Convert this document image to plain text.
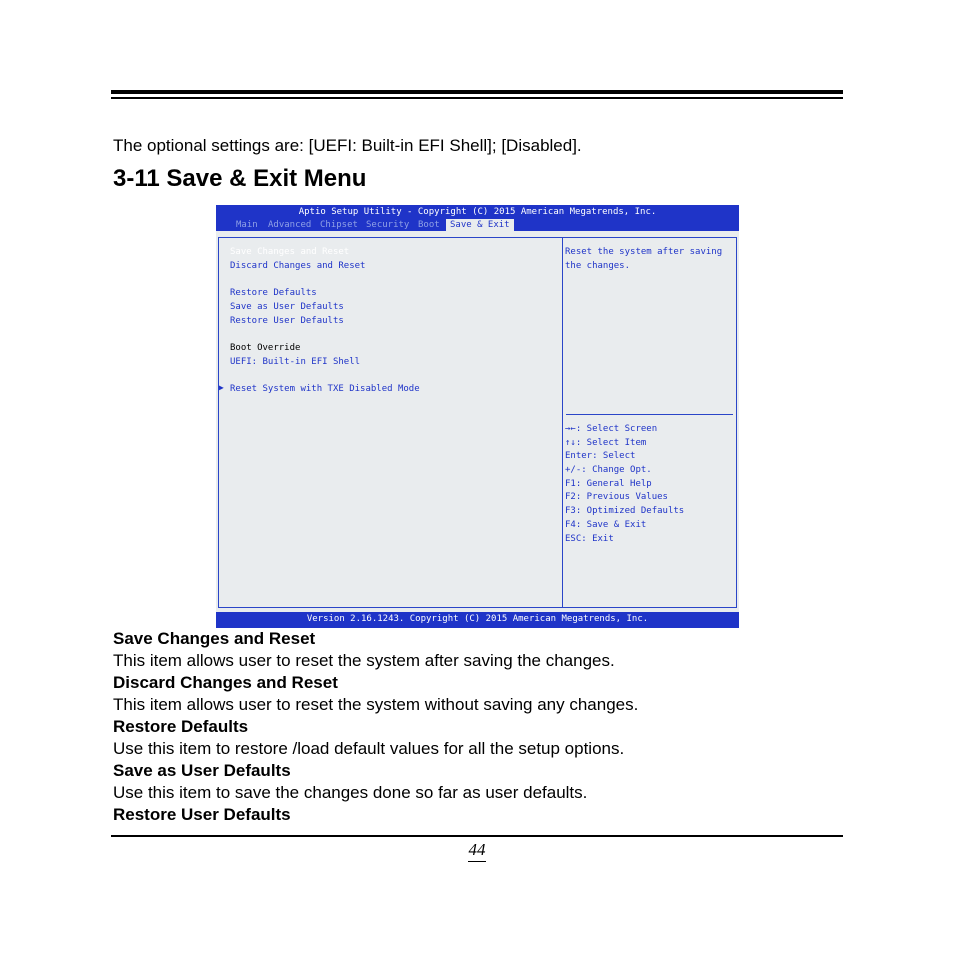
The optional settings are: [UEFI: Built-in EFI Shell]; [Disabled].
3-11 Save & Exit Menu
Aptio Setup Utility - Copyright (C) 2015 American Megatrends, Inc.
Main Advanced Chipset Security Boot	Save & Exit
Save Changes and Reset
Discard Changes and Reset
Restore Defaults
Save as User Defaults
Restore User Defaults
Boot Override
UEFI: Built-in EFI Shell
▶ Reset System with TXE Disabled Mode
Reset the system after saving
the changes.
→←: Select Screen
↑↓: Select Item
Enter: Select
+/-: Change Opt.
F1: General Help
F2: Previous Values
F3: Optimized Defaults
F4: Save & Exit
ESC: Exit
Version 2.16.1243. Copyright (C) 2015 American Megatrends, Inc.
Save Changes and Reset
This item allows user to reset the system after saving the changes.
Discard Changes and Reset
This item allows user to reset the system without saving any changes.
Restore Defaults
Use this item to restore /load default values for all the setup options.
Save as User Defaults
Use this item to save the changes done so far as user defaults.
Restore User Defaults
44
